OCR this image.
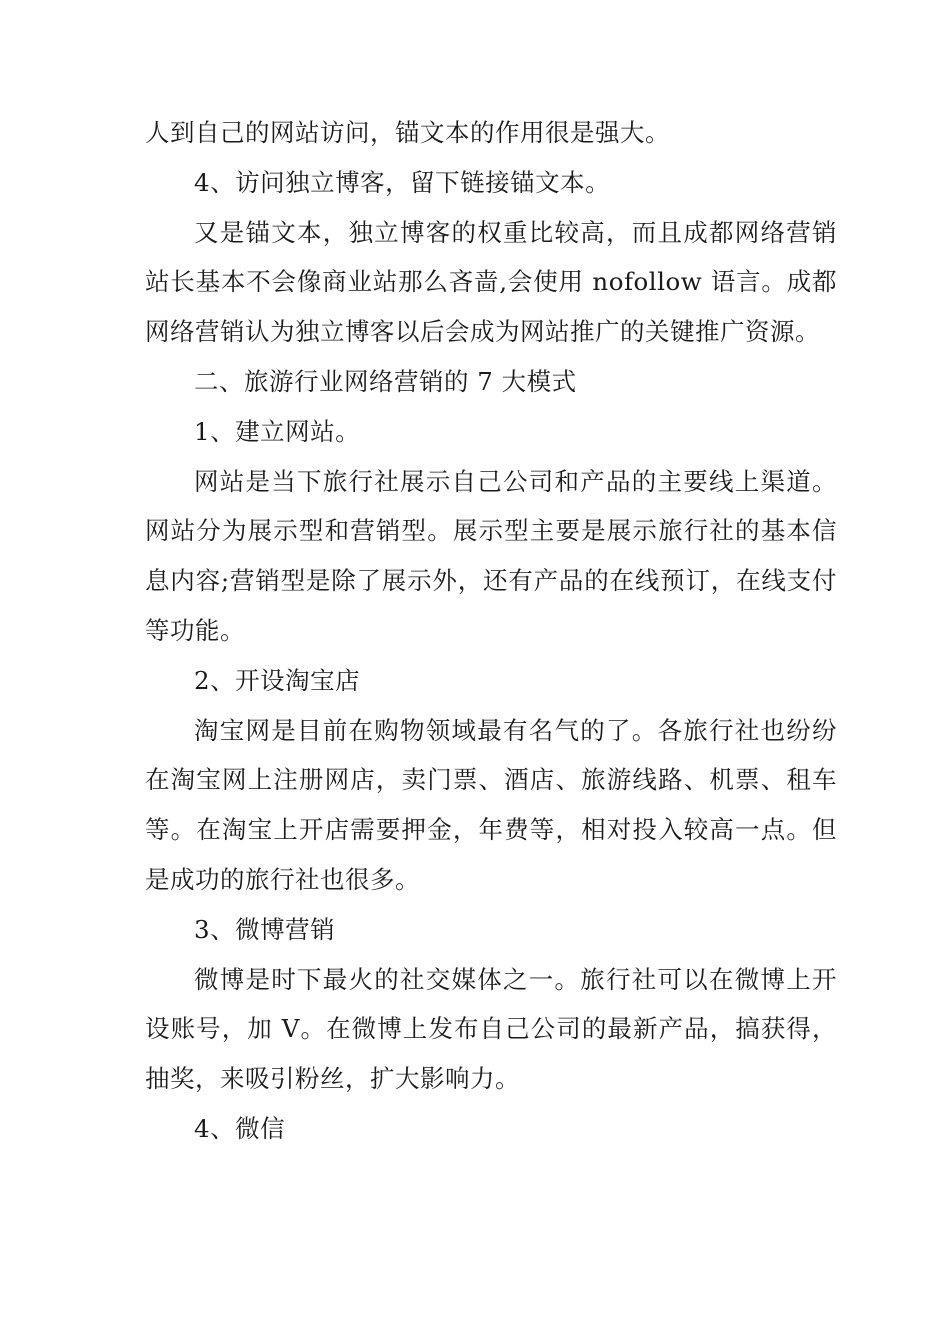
人到自己的网站访问，锚文本的作用很是强大。

4、访问独立博客，留下链接锚文本。

又是锚文本，独立博客的权重比较高，而且成都网络营销站长基本不会像商业站那么吝啬,会使用 nofollow 语言。成都网络营销认为独立博客以后会成为网站推广的关键推广资源。

二、旅游行业网络营销的 7 大模式

1、建立网站。

网站是当下旅行社展示自己公司和产品的主要线上渠道。网站分为展示型和营销型。展示型主要是展示旅行社的基本信息内容;营销型是除了展示外，还有产品的在线预订，在线支付等功能。

2、开设淘宝店

淘宝网是目前在购物领域最有名气的了。各旅行社也纷纷在淘宝网上注册网店，卖门票、酒店、旅游线路、机票、租车等。在淘宝上开店需要押金，年费等，相对投入较高一点。但是成功的旅行社也很多。

3、微博营销

微博是时下最火的社交媒体之一。旅行社可以在微博上开设账号，加 V。在微博上发布自己公司的最新产品，搞获得，抽奖，来吸引粉丝，扩大影响力。

4、微信
